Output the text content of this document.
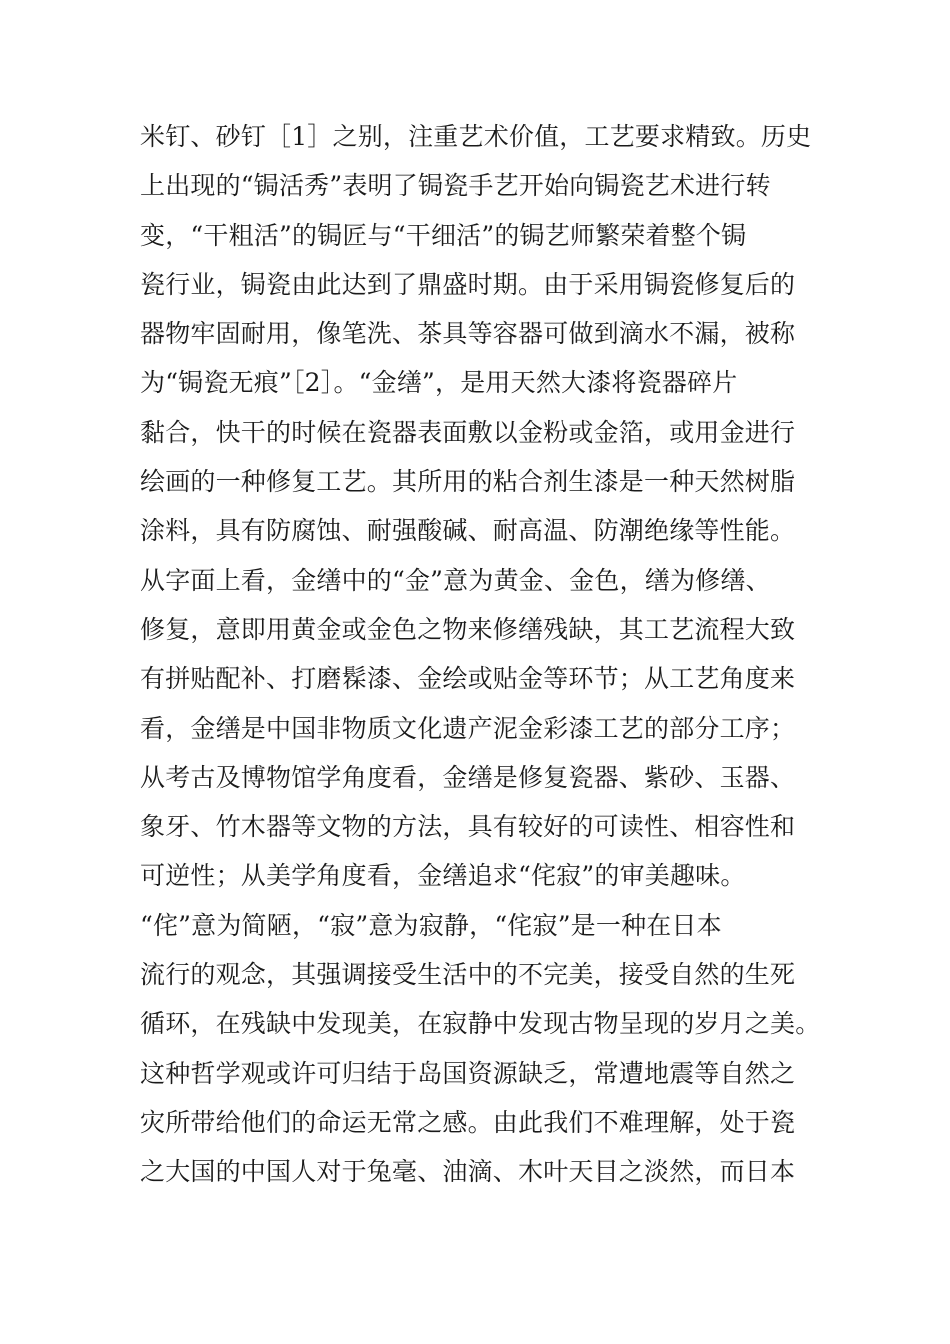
米钉、砂钉［1］之别，注重艺术价值，工艺要求精致。历史
上出现的“锔活秀”表明了锔瓷手艺开始向锔瓷艺术进行转
变，“干粗活”的锔匠与“干细活”的锔艺师繁荣着整个锔
瓷行业，锔瓷由此达到了鼎盛时期。由于采用锔瓷修复后的
器物牢固耐用，像笔洗、茶具等容器可做到滴水不漏，被称
为“锔瓷无痕”［2］。“金缮”，是用天然大漆将瓷器碎片
黏合，快干的时候在瓷器表面敷以金粉或金箔，或用金进行
绘画的一种修复工艺。其所用的粘合剂生漆是一种天然树脂
涂料，具有防腐蚀、耐强酸碱、耐高温、防潮绝缘等性能。
从字面上看，金缮中的“金”意为黄金、金色，缮为修缮、
修复，意即用黄金或金色之物来修缮残缺，其工艺流程大致
有拼贴配补、打磨髹漆、金绘或贴金等环节；从工艺角度来
看，金缮是中国非物质文化遗产泥金彩漆工艺的部分工序；
从考古及博物馆学角度看，金缮是修复瓷器、紫砂、玉器、
象牙、竹木器等文物的方法，具有较好的可读性、相容性和
可逆性；从美学角度看，金缮追求“侘寂”的审美趣味。
“侘”意为简陋，“寂”意为寂静，“侘寂”是一种在日本
流行的观念，其强调接受生活中的不完美，接受自然的生死
循环，在残缺中发现美，在寂静中发现古物呈现的岁月之美。
这种哲学观或许可归结于岛国资源缺乏，常遭地震等自然之
灾所带给他们的命运无常之感。由此我们不难理解，处于瓷
之大国的中国人对于兔毫、油滴、木叶天目之淡然，而日本
